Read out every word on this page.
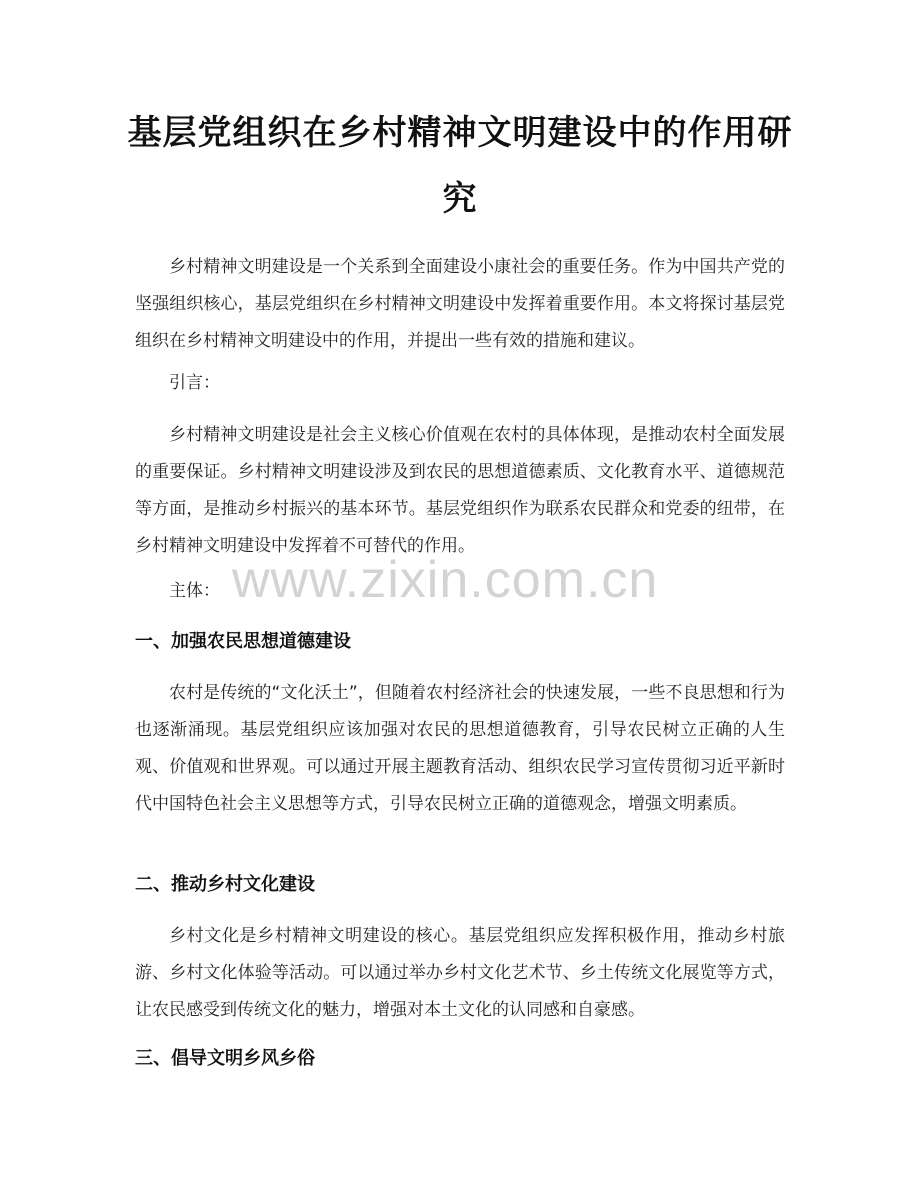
基层党组织在乡村精神文明建设中的作用研究

乡村精神文明建设是一个关系到全面建设小康社会的重要任务。作为中国共产党的坚强组织核心，基层党组织在乡村精神文明建设中发挥着重要作用。本文将探讨基层党组织在乡村精神文明建设中的作用，并提出一些有效的措施和建议。

引言：

乡村精神文明建设是社会主义核心价值观在农村的具体体现，是推动农村全面发展的重要保证。乡村精神文明建设涉及到农民的思想道德素质、文化教育水平、道德规范等方面，是推动乡村振兴的基本环节。基层党组织作为联系农民群众和党委的纽带，在乡村精神文明建设中发挥着不可替代的作用。

主体：

一、加强农民思想道德建设

农村是传统的“文化沃土”，但随着农村经济社会的快速发展，一些不良思想和行为也逐渐涌现。基层党组织应该加强对农民的思想道德教育，引导农民树立正确的人生观、价值观和世界观。可以通过开展主题教育活动、组织农民学习宣传贯彻习近平新时代中国特色社会主义思想等方式，引导农民树立正确的道德观念，增强文明素质。

二、推动乡村文化建设

乡村文化是乡村精神文明建设的核心。基层党组织应发挥积极作用，推动乡村旅游、乡村文化体验等活动。可以通过举办乡村文化艺术节、乡土传统文化展览等方式，让农民感受到传统文化的魅力，增强对本土文化的认同感和自豪感。

三、倡导文明乡风乡俗
www.zixin.com.cn
